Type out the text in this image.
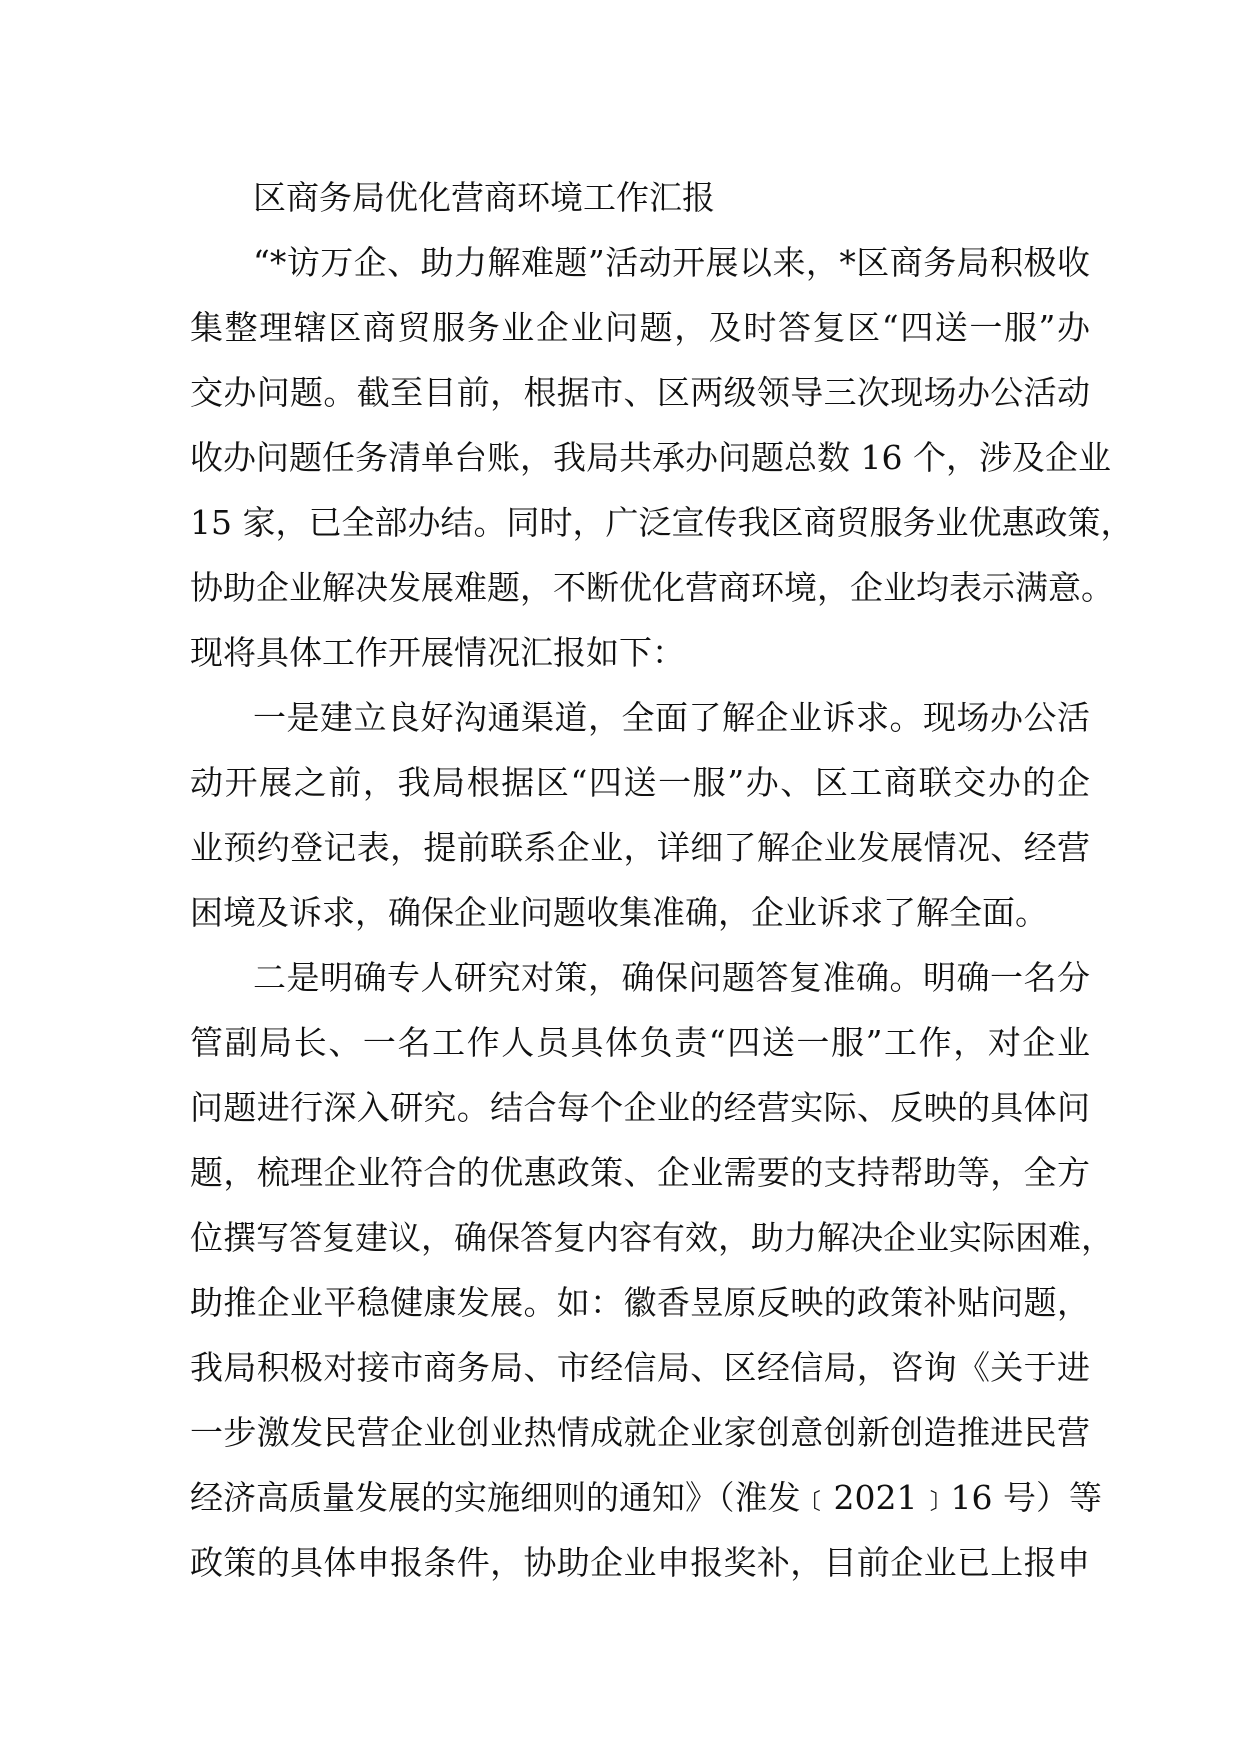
区商务局优化营商环境工作汇报
“*访万企、助力解难题”活动开展以来，*区商务局积极收
集整理辖区商贸服务业企业问题，及时答复区“四送一服”办
交办问题。截至目前，根据市、区两级领导三次现场办公活动
收办问题任务清单台账，我局共承办问题总数 16 个，涉及企业
15 家，已全部办结。同时，广泛宣传我区商贸服务业优惠政策，
协助企业解决发展难题，不断优化营商环境，企业均表示满意。
现将具体工作开展情况汇报如下：
一是建立良好沟通渠道，全面了解企业诉求。现场办公活
动开展之前，我局根据区“四送一服”办、区工商联交办的企
业预约登记表，提前联系企业，详细了解企业发展情况、经营
困境及诉求，确保企业问题收集准确，企业诉求了解全面。
二是明确专人研究对策，确保问题答复准确。明确一名分
管副局长、一名工作人员具体负责“四送一服”工作，对企业
问题进行深入研究。结合每个企业的经营实际、反映的具体问
题，梳理企业符合的优惠政策、企业需要的支持帮助等，全方
位撰写答复建议，确保答复内容有效，助力解决企业实际困难，
助推企业平稳健康发展。如：徽香昱原反映的政策补贴问题，
我局积极对接市商务局、市经信局、区经信局，咨询《关于进
一步激发民营企业创业热情成就企业家创意创新创造推进民营
经济高质量发展的实施细则的通知》（淮发﹝2021﹞16 号）等
政策的具体申报条件，协助企业申报奖补，目前企业已上报申
